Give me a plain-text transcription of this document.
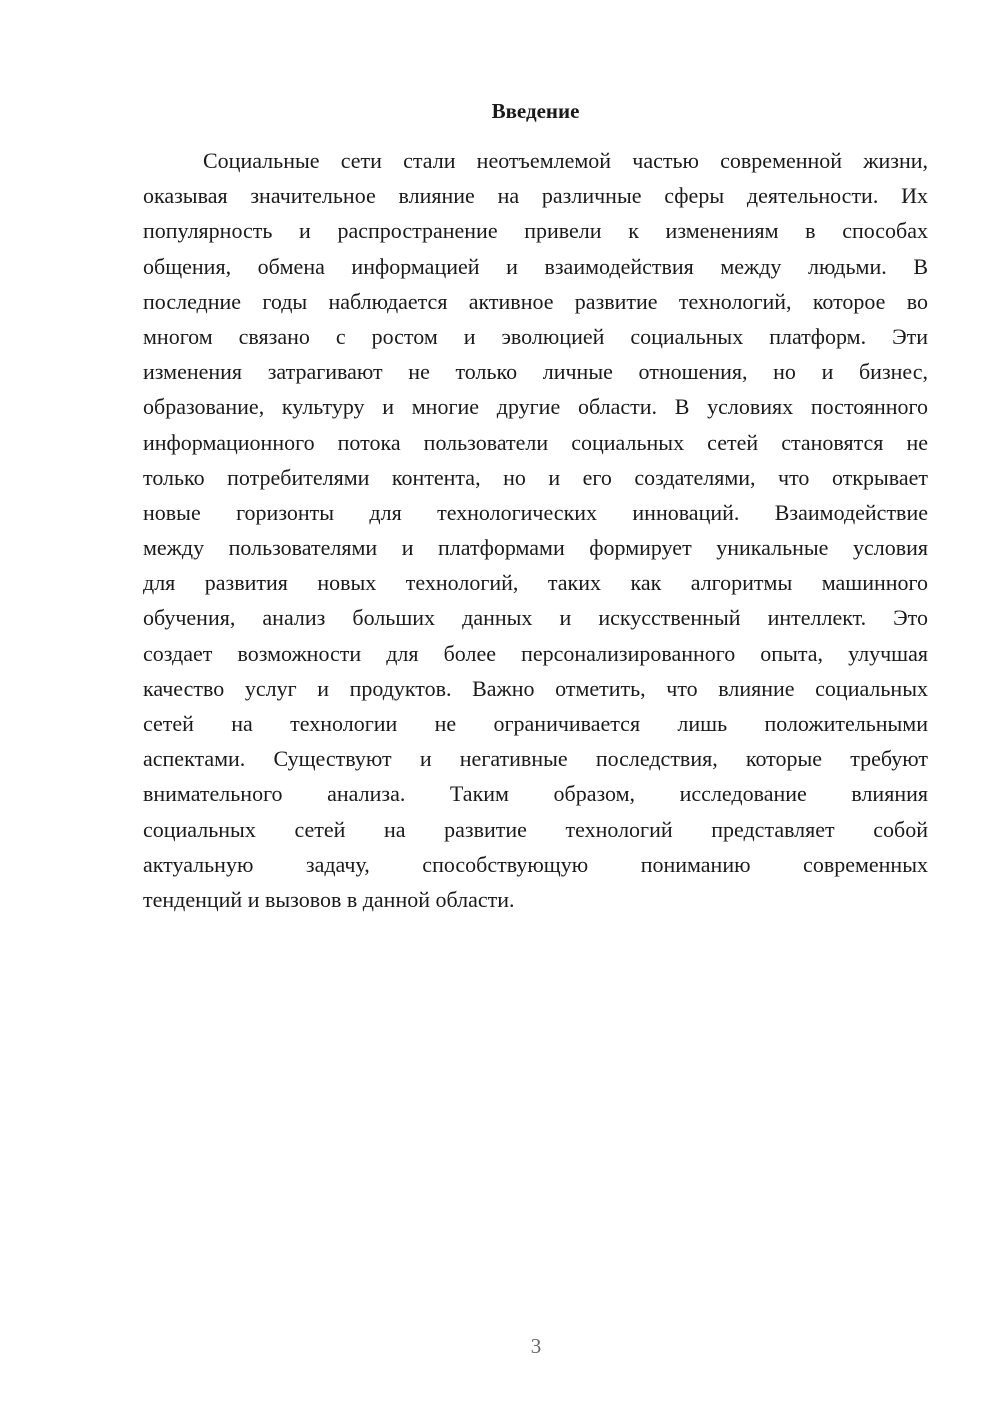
Введение
Социальные сети стали неотъемлемой частью современной жизни,
оказывая значительное влияние на различные сферы деятельности. Их
популярность и распространение привели к изменениям в способах
общения, обмена информацией и взаимодействия между людьми. В
последние годы наблюдается активное развитие технологий, которое во
многом связано с ростом и эволюцией социальных платформ. Эти
изменения затрагивают не только личные отношения, но и бизнес,
образование, культуру и многие другие области. В условиях постоянного
информационного потока пользователи социальных сетей становятся не
только потребителями контента, но и его создателями, что открывает
новые горизонты для технологических инноваций. Взаимодействие
между пользователями и платформами формирует уникальные условия
для развития новых технологий, таких как алгоритмы машинного
обучения, анализ больших данных и искусственный интеллект. Это
создает возможности для более персонализированного опыта, улучшая
качество услуг и продуктов. Важно отметить, что влияние социальных
сетей на технологии не ограничивается лишь положительными
аспектами. Существуют и негативные последствия, которые требуют
внимательного анализа. Таким образом, исследование влияния
социальных сетей на развитие технологий представляет собой
актуальную задачу, способствующую пониманию современных
тенденций и вызовов в данной области.
3
